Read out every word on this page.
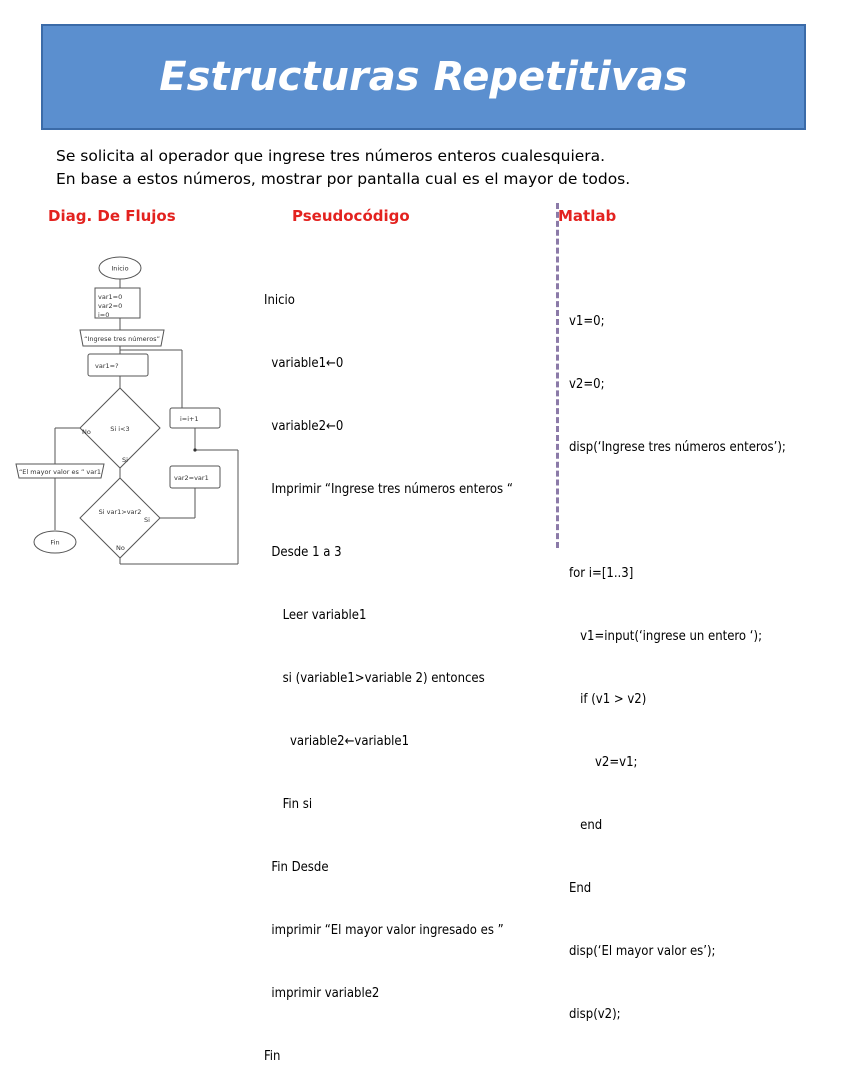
Estructuras Repetitivas
Se solicita al operador que ingrese tres números enteros cualesquiera.
En base a estos números, mostrar por pantalla cual es el mayor de todos.
Diag. De Flujos	Pseudocódigo	Matlab

Inicio

variable1←0

variable2←0

Imprimir “Ingrese tres números enteros “

Desde 1 a 3

Leer variable1

si (variable1>variable 2) entonces

variable2←variable1

Fin si

Fin Desde

imprimir “El mayor valor ingresado es ”

imprimir variable2

Fin

v1=0;

v2=0;

disp(‘Ingrese tres números enteros’);

for i=[1..3]

v1=input(‘ingrese un entero ‘);

if (v1 > v2)

v2=v1;

end

End

disp(‘El mayor valor es’);

disp(v2);

Inicio
var1=0
var2=0
i=0
“Ingrese tres números”
var1=?
i=i+1
Si i<3
No
Si
“El mayor valor es ” var1
Fin
var2=var1
Si var1>var2
Si
No
